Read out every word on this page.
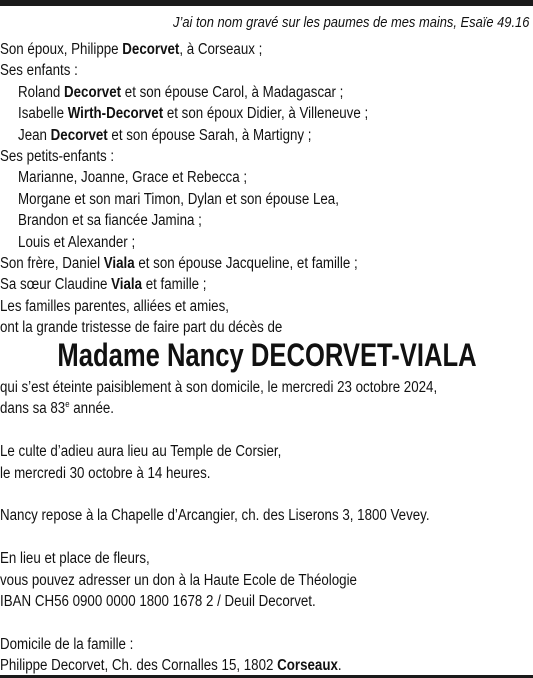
J’ai ton nom gravé sur les paumes de mes mains, Esaïe 49.16
Son époux, Philippe Decorvet, à Corseaux ;
Ses enfants :
Roland Decorvet et son épouse Carol, à Madagascar ;
Isabelle Wirth-Decorvet et son époux Didier, à Villeneuve ;
Jean Decorvet et son épouse Sarah, à Martigny ;
Ses petits-enfants :
Marianne, Joanne, Grace et Rebecca ;
Morgane et son mari Timon, Dylan et son épouse Lea,
Brandon et sa fiancée Jamina ;
Louis et Alexander ;
Son frère, Daniel Viala et son épouse Jacqueline, et famille ;
Sa sœur Claudine Viala et famille ;
Les familles parentes, alliées et amies,
ont la grande tristesse de faire part du décès de
Madame Nancy DECORVET-VIALA
qui s’est éteinte paisiblement à son domicile, le mercredi 23 octobre 2024,
dans sa 83e année.
Le culte d’adieu aura lieu au Temple de Corsier,
le mercredi 30 octobre à 14 heures.
Nancy repose à la Chapelle d’Arcangier, ch. des Liserons 3, 1800 Vevey.
En lieu et place de fleurs,
vous pouvez adresser un don à la Haute Ecole de Théologie
IBAN CH56 0900 0000 1800 1678 2 / Deuil Decorvet.
Domicile de la famille :
Philippe Decorvet, Ch. des Cornalles 15, 1802 Corseaux.
